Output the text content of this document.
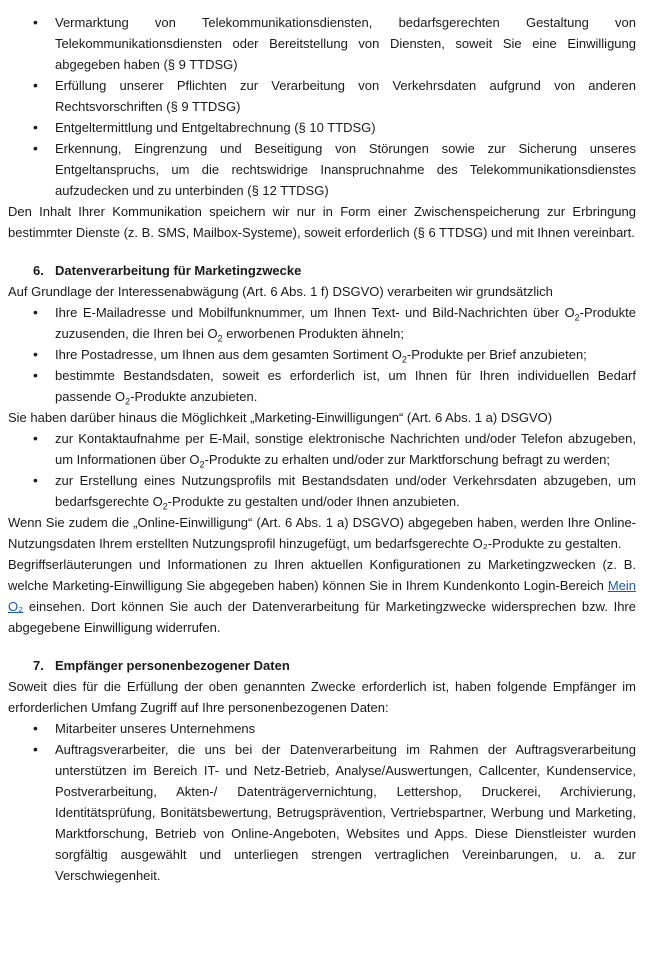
• Vermarktung von Telekommunikationsdiensten, bedarfsgerechten Gestaltung von Telekommunikationsdiensten oder Bereitstellung von Diensten, soweit Sie eine Einwilligung abgegeben haben (§ 9 TTDSG)
• Erfüllung unserer Pflichten zur Verarbeitung von Verkehrsdaten aufgrund von anderen Rechtsvorschriften (§ 9 TTDSG)
• Entgeltermittlung und Entgeltabrechnung (§ 10 TTDSG)
• Erkennung, Eingrenzung und Beseitigung von Störungen sowie zur Sicherung unseres Entgeltanspruchs, um die rechtswidrige Inanspruchnahme des Telekommunikationsdienstes aufzudecken und zu unterbinden (§ 12 TTDSG)

Den Inhalt Ihrer Kommunikation speichern wir nur in Form einer Zwischenspeicherung zur Erbringung bestimmter Dienste (z. B. SMS, Mailbox-Systeme), soweit erforderlich (§ 6 TTDSG) und mit Ihnen vereinbart.

6. Datenverarbeitung für Marketingzwecke

Auf Grundlage der Interessenabwägung (Art. 6 Abs. 1 f) DSGVO) verarbeiten wir grundsätzlich

• Ihre E-Mailadresse und Mobilfunknummer, um Ihnen Text- und Bild-Nachrichten über $O_2$-Produkte zuzusenden, die Ihren bei $O_2$ erworbenen Produkten ähneln;
• Ihre Postadresse, um Ihnen aus dem gesamten Sortiment $O_2$-Produkte per Brief anzubieten;
• bestimmte Bestandsdaten, soweit es erforderlich ist, um Ihnen für Ihren individuellen Bedarf passende $O_2$-Produkte anzubieten.

Sie haben darüber hinaus die Möglichkeit „Marketing-Einwilligungen“ (Art. 6 Abs. 1 a) DSGVO)

• zur Kontaktaufnahme per E-Mail, sonstige elektronische Nachrichten und/oder Telefon abzugeben, um Informationen über $O_2$-Produkte zu erhalten und/oder zur Marktforschung befragt zu werden;
• zur Erstellung eines Nutzungsprofils mit Bestandsdaten und/oder Verkehrsdaten abzugeben, um bedarfsgerechte $O_2$-Produkte zu gestalten und/oder Ihnen anzubieten.

Wenn Sie zudem die „Online-Einwilligung“ (Art. 6 Abs. 1 a) DSGVO) abgegeben haben, werden Ihre Online-Nutzungsdaten Ihrem erstellten Nutzungsprofil hinzugefügt, um bedarfsgerechte O₂-Produkte zu gestalten.

Begriffserläuterungen und Informationen zu Ihren aktuellen Konfigurationen zu Marketingzwecken (z. B. welche Marketing-Einwilligung Sie abgegeben haben) können Sie in Ihrem Kundenkonto Login-Bereich Mein O₂ einsehen. Dort können Sie auch der Datenverarbeitung für Marketingzwecke widersprechen bzw. Ihre abgegebene Einwilligung widerrufen.

7. Empfänger personenbezogener Daten

Soweit dies für die Erfüllung der oben genannten Zwecke erforderlich ist, haben folgende Empfänger im erforderlichen Umfang Zugriff auf Ihre personenbezogenen Daten:

• Mitarbeiter unseres Unternehmens
• Auftragsverarbeiter, die uns bei der Datenverarbeitung im Rahmen der Auftragsverarbeitung unterstützen im Bereich IT- und Netz-Betrieb, Analyse/Auswertungen, Callcenter, Kundenservice, Postverarbeitung, Akten-/ Datenträgervernichtung, Lettershop, Druckerei, Archivierung, Identitätsprüfung, Bonitätsbewertung, Betrugsprävention, Vertriebspartner, Werbung und Marketing, Marktforschung, Betrieb von Online-Angeboten, Websites und Apps. Diese Dienstleister wurden sorgfältig ausgewählt und unterliegen strengen vertraglichen Vereinbarungen, u. a. zur Verschwiegenheit.
